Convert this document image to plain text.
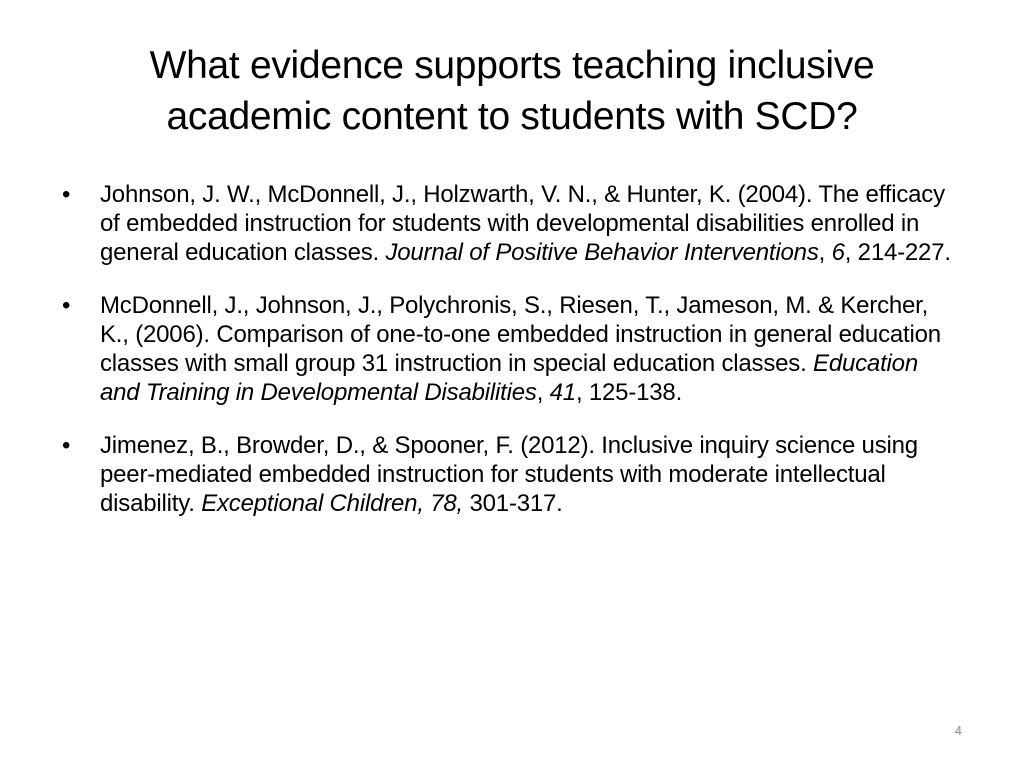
What evidence supports teaching inclusive
academic content to students with SCD?
• Johnson, J. W., McDonnell, J., Holzwarth, V. N., & Hunter, K. (2004). The efficacy of embedded instruction for students with developmental disabilities enrolled in general education classes. Journal of Positive Behavior Interventions, 6, 214-227.
• McDonnell, J., Johnson, J., Polychronis, S., Riesen, T., Jameson, M. & Kercher, K., (2006). Comparison of one-to-one embedded instruction in general education classes with small group 31 instruction in special education classes. Education and Training in Developmental Disabilities, 41, 125-138.
• Jimenez, B., Browder, D., & Spooner, F. (2012). Inclusive inquiry science using peer-mediated embedded instruction for students with moderate intellectual disability. Exceptional Children, 78, 301-317.
4
